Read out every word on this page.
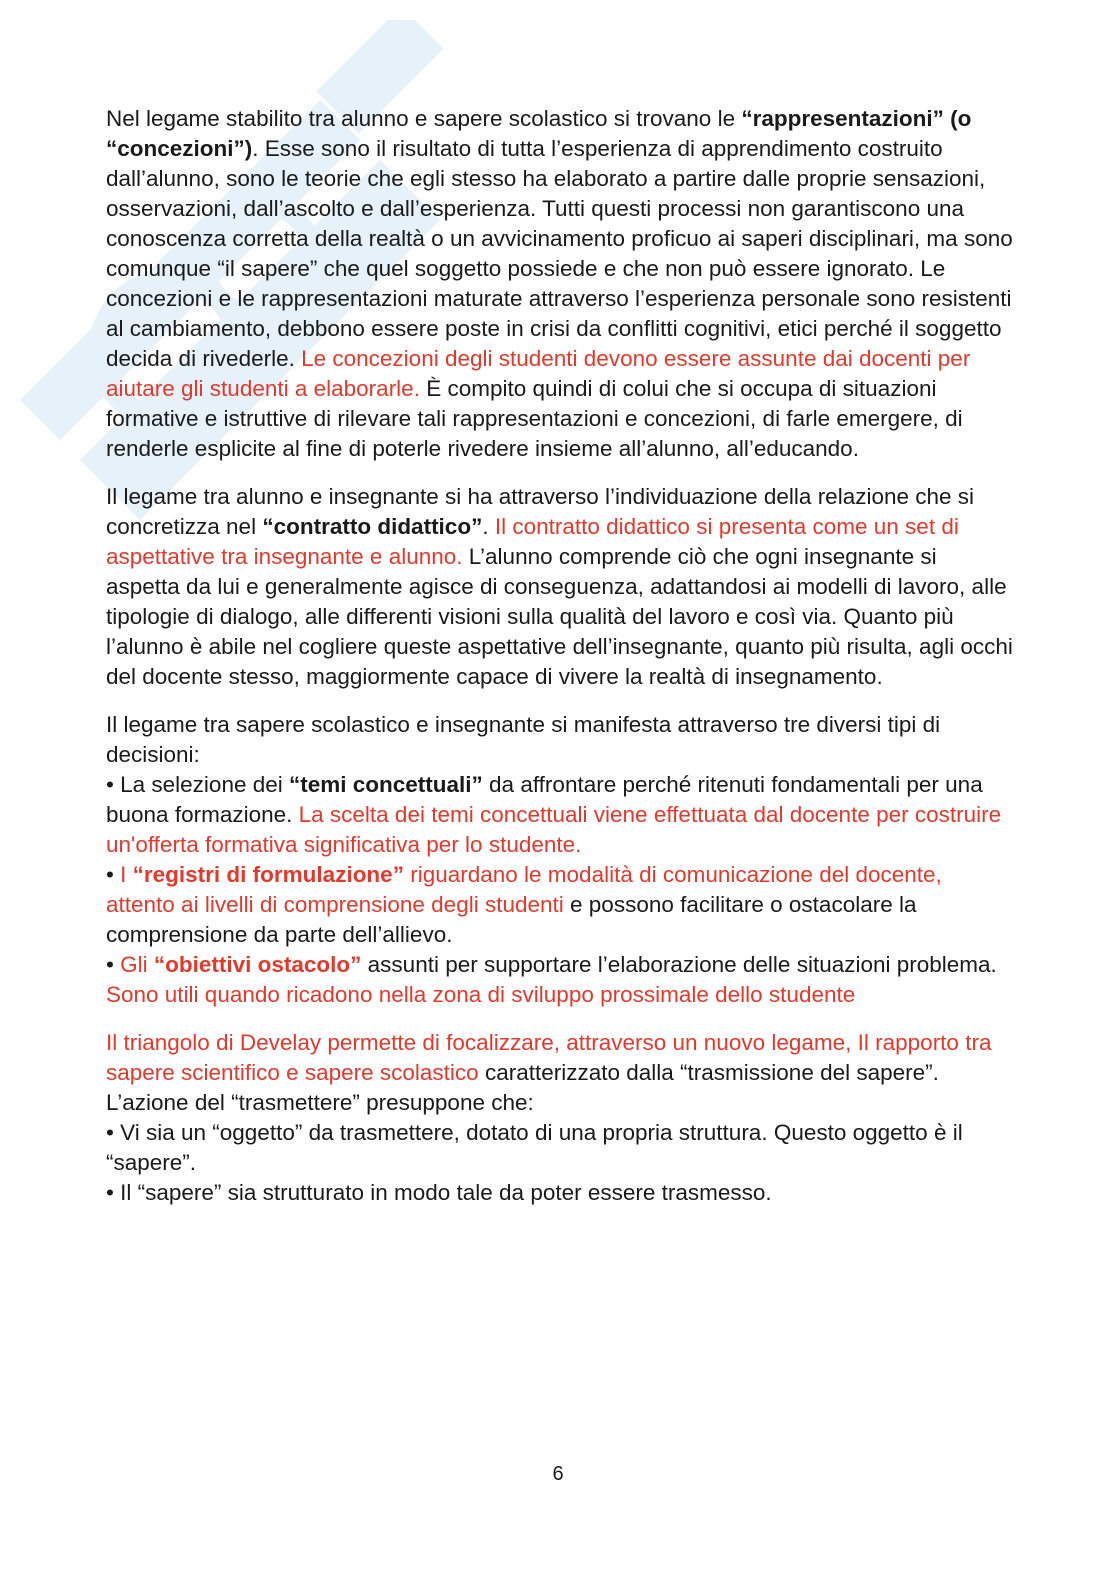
Nel legame stabilito tra alunno e sapere scolastico si trovano le “rappresentazioni” (o “concezioni”). Esse sono il risultato di tutta l’esperienza di apprendimento costruito dall’alunno, sono le teorie che egli stesso ha elaborato a partire dalle proprie sensazioni, osservazioni, dall’ascolto e dall’esperienza. Tutti questi processi non garantiscono una conoscenza corretta della realtà o un avvicinamento proficuo ai saperi disciplinari, ma sono comunque “il sapere” che quel soggetto possiede e che non può essere ignorato. Le concezioni e le rappresentazioni maturate attraverso l’esperienza personale sono resistenti al cambiamento, debbono essere poste in crisi da conflitti cognitivi, etici perché il soggetto decida di rivederle. Le concezioni degli studenti devono essere assunte dai docenti per aiutare gli studenti a elaborarle. È compito quindi di colui che si occupa di situazioni formative e istruttive di rilevare tali rappresentazioni e concezioni, di farle emergere, di renderle esplicite al fine di poterle rivedere insieme all’alunno, all’educando.

Il legame tra alunno e insegnante si ha attraverso l’individuazione della relazione che si concretizza nel “contratto didattico”. Il contratto didattico si presenta come un set di aspettative tra insegnante e alunno. L’alunno comprende ciò che ogni insegnante si aspetta da lui e generalmente agisce di conseguenza, adattandosi ai modelli di lavoro, alle tipologie di dialogo, alle differenti visioni sulla qualità del lavoro e così via. Quanto più l’alunno è abile nel cogliere queste aspettative dell’insegnante, quanto più risulta, agli occhi del docente stesso, maggiormente capace di vivere la realtà di insegnamento.

Il legame tra sapere scolastico e insegnante si manifesta attraverso tre diversi tipi di decisioni:
• La selezione dei “temi concettuali” da affrontare perché ritenuti fondamentali per una buona formazione. La scelta dei temi concettuali viene effettuata dal docente per costruire un'offerta formativa significativa per lo studente.
• I “registri di formulazione” riguardano le modalità di comunicazione del docente, attento ai livelli di comprensione degli studenti e possono facilitare o ostacolare la comprensione da parte dell’allievo.
• Gli “obiettivi ostacolo” assunti per supportare l’elaborazione delle situazioni problema. Sono utili quando ricadono nella zona di sviluppo prossimale dello studente

Il triangolo di Develay permette di focalizzare, attraverso un nuovo legame, Il rapporto tra sapere scientifico e sapere scolastico caratterizzato dalla “trasmissione del sapere”. L’azione del “trasmettere” presuppone che:
• Vi sia un “oggetto” da trasmettere, dotato di una propria struttura. Questo oggetto è il “sapere”.
• Il “sapere” sia strutturato in modo tale da poter essere trasmesso.

6
